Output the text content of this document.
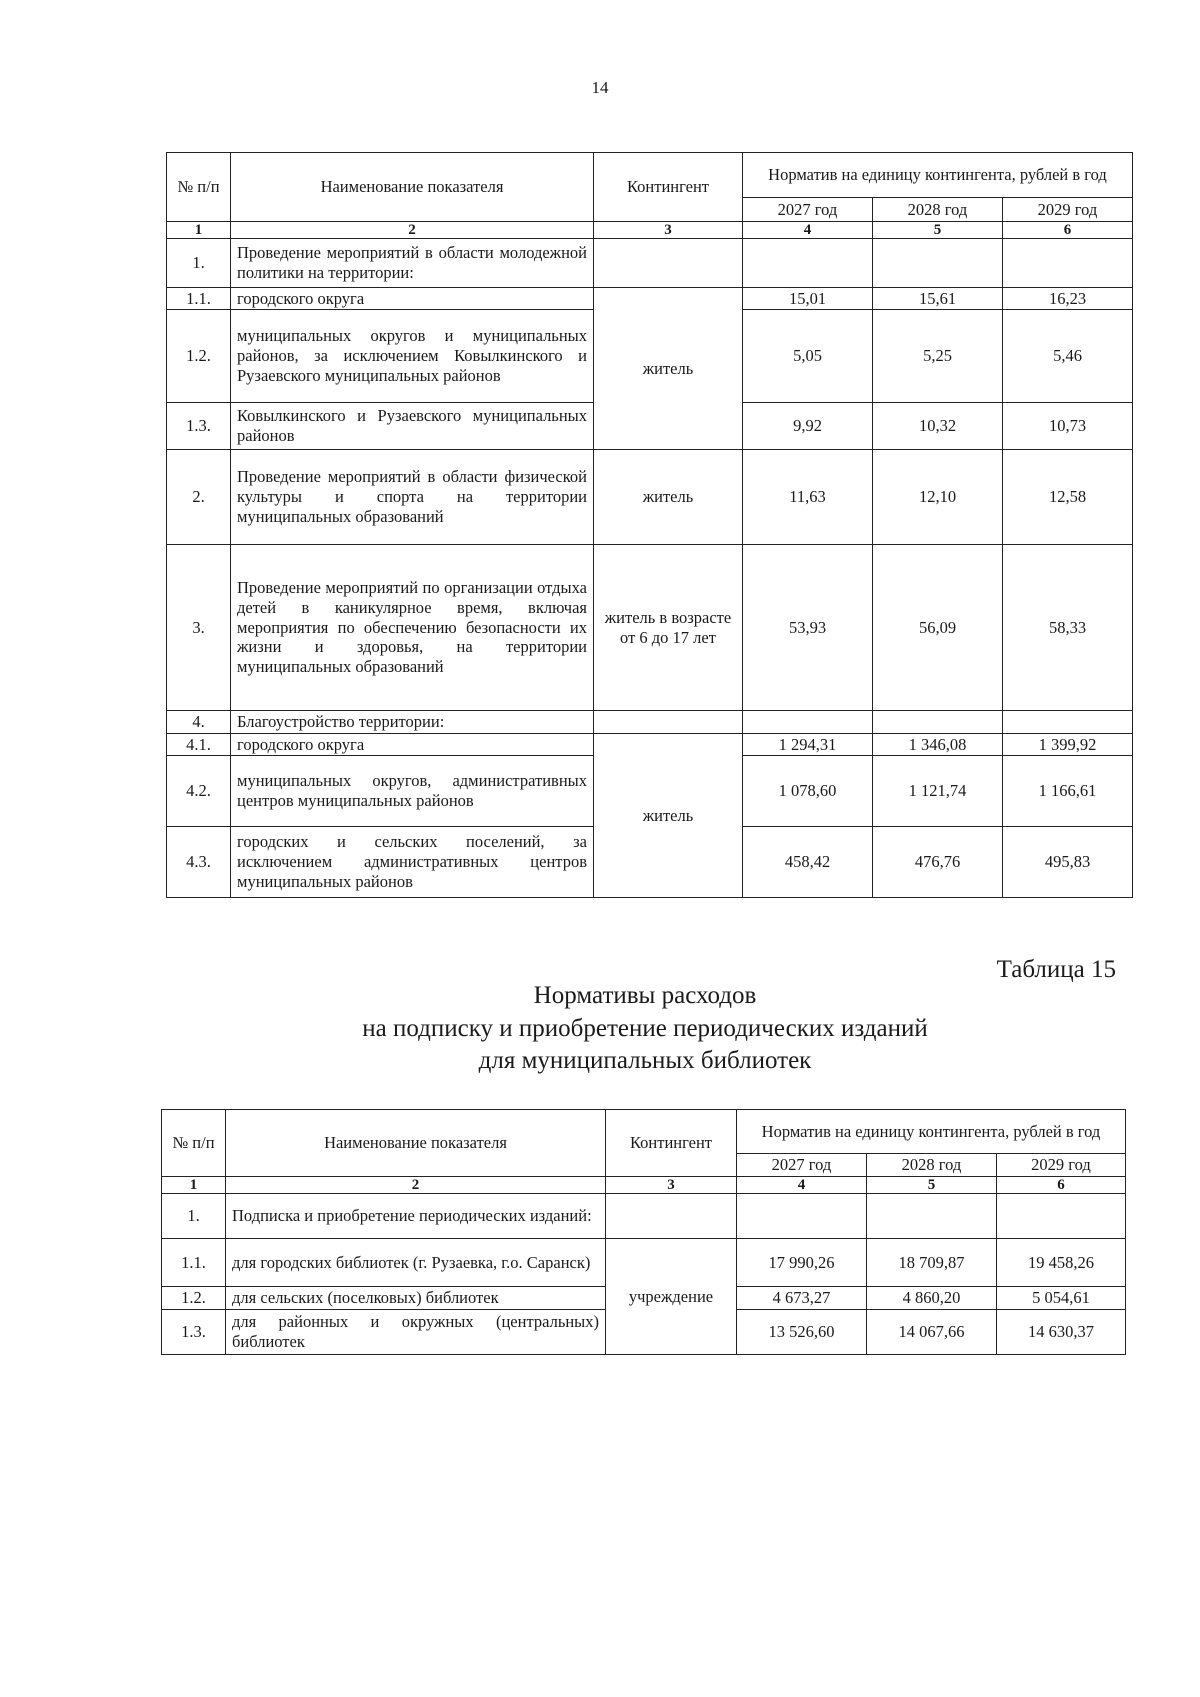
14
№ п/п	Наименование показателя	Контингент	Норматив на единицу контингента, рублей в год		
			2027 год	2028 год	2029 год
1	2	3	4	5	6
1.	Проведение мероприятий в области молодежной политики на территории:				
1.1.	городского округа	житель	15,01	15,61	16,23
1.2.	муниципальных округов и муниципальных районов, за исключением Ковылкинского и Рузаевского муниципальных районов		5,05	5,25	5,46
1.3.	Ковылкинского и Рузаевского муниципальных районов		9,92	10,32	10,73
2.	Проведение мероприятий в области физической культуры и спорта на территории муниципальных образований	житель	11,63	12,10	12,58
3.	Проведение мероприятий по организации отдыха детей в каникулярное время, включая мероприятия по обеспечению безопасности их жизни и здоровья, на территории муниципальных образований	житель в возрасте от 6 до 17 лет	53,93	56,09	58,33
4.	Благоустройство территории:				
4.1.	городского округа	житель	1 294,31	1 346,08	1 399,92
4.2.	муниципальных округов, административных центров муниципальных районов		1 078,60	1 121,74	1 166,61
4.3.	городских и сельских поселений, за исключением административных центров муниципальных районов		458,42	476,76	495,83
Таблица 15
Нормативы расходов
на подписку и приобретение периодических изданий
для муниципальных библиотек
№ п/п	Наименование показателя	Контингент	Норматив на единицу контингента, рублей в год		
			2027 год	2028 год	2029 год
1	2	3	4	5	6
1.	Подписка и приобретение периодических изданий:				
1.1.	для городских библиотек (г. Рузаевка, г.о. Саранск)	учреждение	17 990,26	18 709,87	19 458,26
1.2.	для сельских (поселковых) библиотек		4 673,27	4 860,20	5 054,61
1.3.	для районных и окружных (центральных) библиотек		13 526,60	14 067,66	14 630,37
